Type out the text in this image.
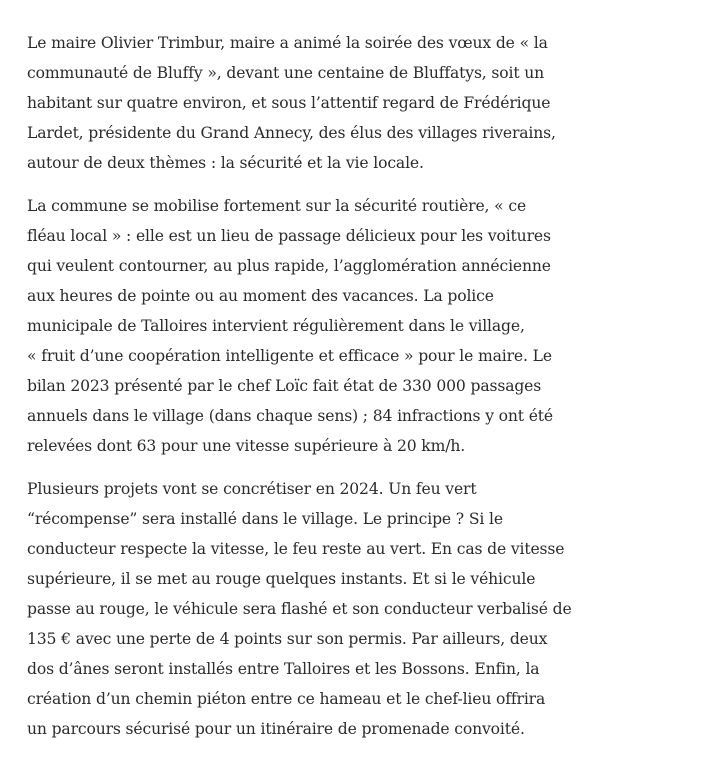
Le maire Olivier Trimbur, maire a animé la soirée des vœux de « la
communauté de Bluffy », devant une centaine de Bluffatys, soit un
habitant sur quatre environ, et sous l’attentif regard de Frédérique
Lardet, présidente du Grand Annecy, des élus des villages riverains,
autour de deux thèmes : la sécurité et la vie locale.

La commune se mobilise fortement sur la sécurité routière, « ce
fléau local » : elle est un lieu de passage délicieux pour les voitures
qui veulent contourner, au plus rapide, l’agglomération annécienne
aux heures de pointe ou au moment des vacances. La police
municipale de Talloires intervient régulièrement dans le village,
« fruit d’une coopération intelligente et efficace » pour le maire. Le
bilan 2023 présenté par le chef Loïc fait état de 330 000 passages
annuels dans le village (dans chaque sens) ; 84 infractions y ont été
relevées dont 63 pour une vitesse supérieure à 20 km/h.

Plusieurs projets vont se concrétiser en 2024. Un feu vert
“récompense” sera installé dans le village. Le principe ? Si le
conducteur respecte la vitesse, le feu reste au vert. En cas de vitesse
supérieure, il se met au rouge quelques instants. Et si le véhicule
passe au rouge, le véhicule sera flashé et son conducteur verbalisé de
135 € avec une perte de 4 points sur son permis. Par ailleurs, deux
dos d’ânes seront installés entre Talloires et les Bossons. Enfin, la
création d’un chemin piéton entre ce hameau et le chef-lieu offrira
un parcours sécurisé pour un itinéraire de promenade convoité.
